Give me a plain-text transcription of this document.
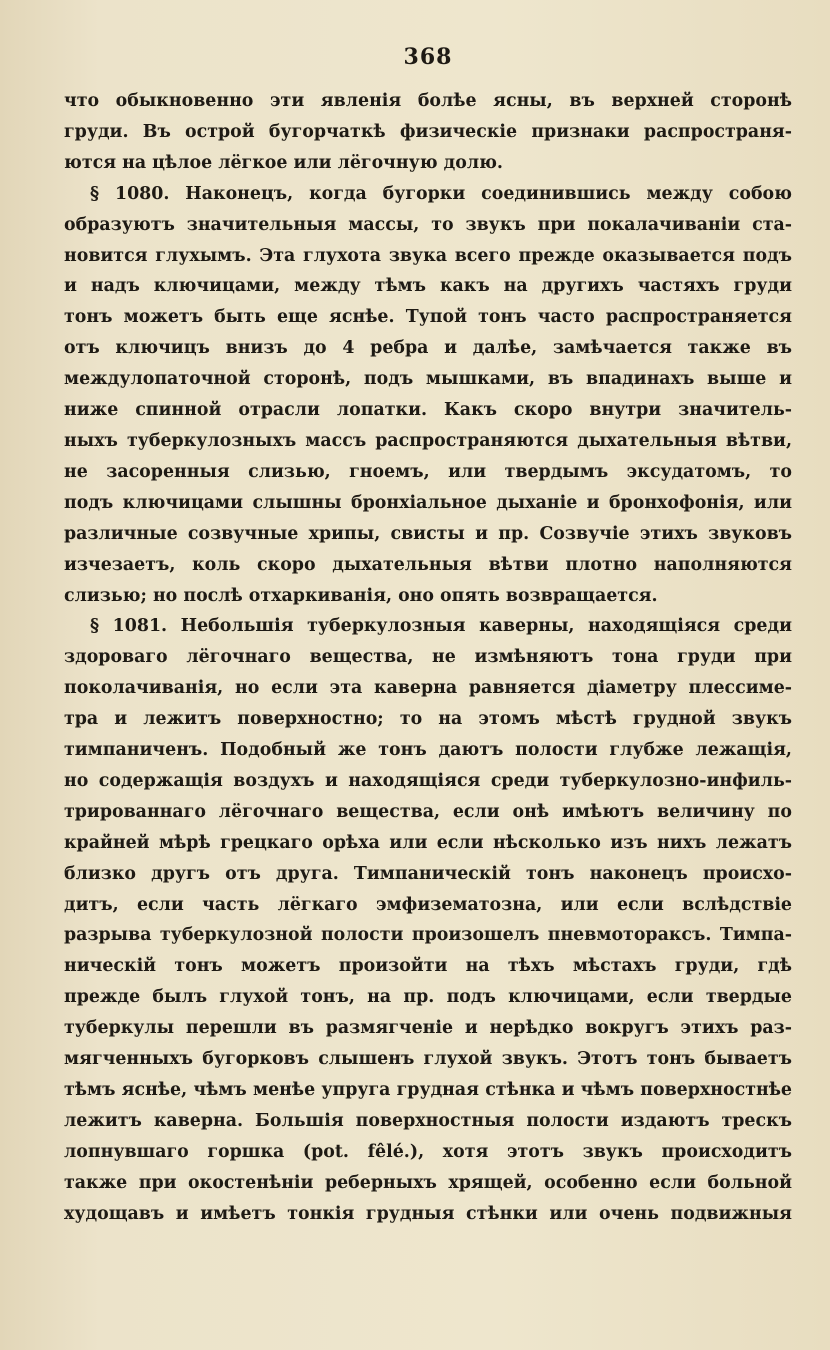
368
что обыкновенно эти явленія болѣе ясны, въ верхней сторонѣ
груди. Въ острой бугорчаткѣ физическіе признаки распространя-
ются на цѣлое лёгкое или лёгочную долю.
§ 1080. Наконецъ, когда бугорки соединившись между собою
образуютъ значительныя массы, то звукъ при покалачиваніи ста-
новится глухымъ. Эта глухота звука всего прежде оказывается подъ
и надъ ключицами, между тѣмъ какъ на другихъ частяхъ груди
тонъ можетъ быть еще яснѣе. Тупой тонъ часто распространяется
отъ ключицъ внизъ до 4 ребра и далѣе, замѣчается также въ
междулопаточной сторонѣ, подъ мышками, въ впадинахъ выше и
ниже спинной отрасли лопатки. Какъ скоро внутри значитель-
ныхъ туберкулозныхъ массъ распространяются дыхательныя вѣтви,
не засоренныя слизью, гноемъ, или твердымъ эксудатомъ, то
подъ ключицами слышны бронхіальное дыханіе и бронхофонія, или
различные созвучные хрипы, свисты и пр. Созвучіе этихъ звуковъ
изчезаетъ, коль скоро дыхательныя вѣтви плотно наполняются
слизью; но послѣ отхаркиванія, оно опять возвращается.
§ 1081. Небольшія туберкулозныя каверны, находящіяся среди
здороваго лёгочнаго вещества, не измѣняютъ тона груди при
поколачиванія, но если эта каверна равняется діаметру плессиме-
тра и лежитъ поверхностно; то на этомъ мѣстѣ грудной звукъ
тимпаниченъ. Подобный же тонъ даютъ полости глубже лежащія,
но содержащія воздухъ и находящіяся среди туберкулозно-инфиль-
трированнаго лёгочнаго вещества, если онѣ имѣютъ величину по
крайней мѣрѣ грецкаго орѣха или если нѣсколько изъ нихъ лежатъ
близко другъ отъ друга. Тимпаническій тонъ наконецъ происхо-
дитъ, если часть лёгкаго эмфизематозна, или если вслѣдствіе
разрыва туберкулозной полости произошелъ пневмотораксъ. Тимпа-
ническій тонъ можетъ произойти на тѣхъ мѣстахъ груди, гдѣ
прежде былъ глухой тонъ, на пр. подъ ключицами, если твердые
туберкулы перешли въ размягченіе и нерѣдко вокругъ этихъ раз-
мягченныхъ бугорковъ слышенъ глухой звукъ. Этотъ тонъ бываетъ
тѣмъ яснѣе, чѣмъ менѣе упруга грудная стѣнка и чѣмъ поверхностнѣе
лежитъ каверна. Большія поверхностныя полости издаютъ трескъ
лопнувшаго горшка (pot. fêlé.), хотя этотъ звукъ происходитъ
также при окостенѣніи реберныхъ хрящей, особенно если больной
худощавъ и имѣетъ тонкія грудныя стѣнки или очень подвижныя
